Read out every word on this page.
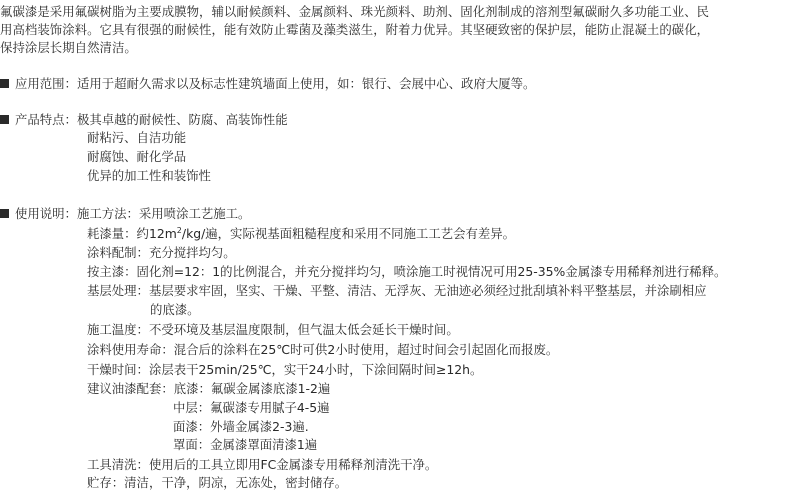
氟碳漆是采用氟碳树脂为主要成膜物，辅以耐候颜料、金属颜料、珠光颜料、助剂、固化剂制成的溶剂型氟碳耐久多功能工业、民
用高档装饰涂料。它具有很强的耐候性，能有效防止霉菌及藻类滋生，附着力优异。其坚硬致密的保护层，能防止混凝土的碳化，
保持涂层长期自然清洁。
应用范围：适用于超耐久需求以及标志性建筑墙面上使用，如：银行、会展中心、政府大厦等。
产品特点：极其卓越的耐候性、防腐、高装饰性能
耐粘污、自洁功能
耐腐蚀、耐化学品
优异的加工性和装饰性
使用说明：施工方法：采用喷涂工艺施工。
耗漆量：约$12m^2/kg/$遍，实际视基面粗糙程度和采用不同施工工艺会有差异。
涂料配制：充分搅拌均匀。
按主漆：固化剂=12：1的比例混合，并充分搅拌均匀，喷涂施工时视情况可用25-35%金属漆专用稀释剂进行稀释。
基层处理：基层要求牢固，坚实、干燥、平整、清洁、无浮灰、无油迹必须经过批刮填补料平整基层，并涂刷相应
的底漆。
施工温度：不受环境及基层温度限制，但气温太低会延长干燥时间。
涂料使用寿命：混合后的涂料在25℃时可供2小时使用，超过时间会引起固化而报废。
干燥时间：涂层表干25min/25℃，实干24小时，下涂间隔时间≥12h。
建议油漆配套：底漆：氟碳金属漆底漆1-2遍
中层：氟碳漆专用腻子4-5遍
面漆：外墙金属漆2-3遍.
罩面：金属漆罩面清漆1遍
工具清洗：使用后的工具立即用FC金属漆专用稀释剂清洗干净。
贮存：清洁，干净，阴凉，无冻处，密封储存。
